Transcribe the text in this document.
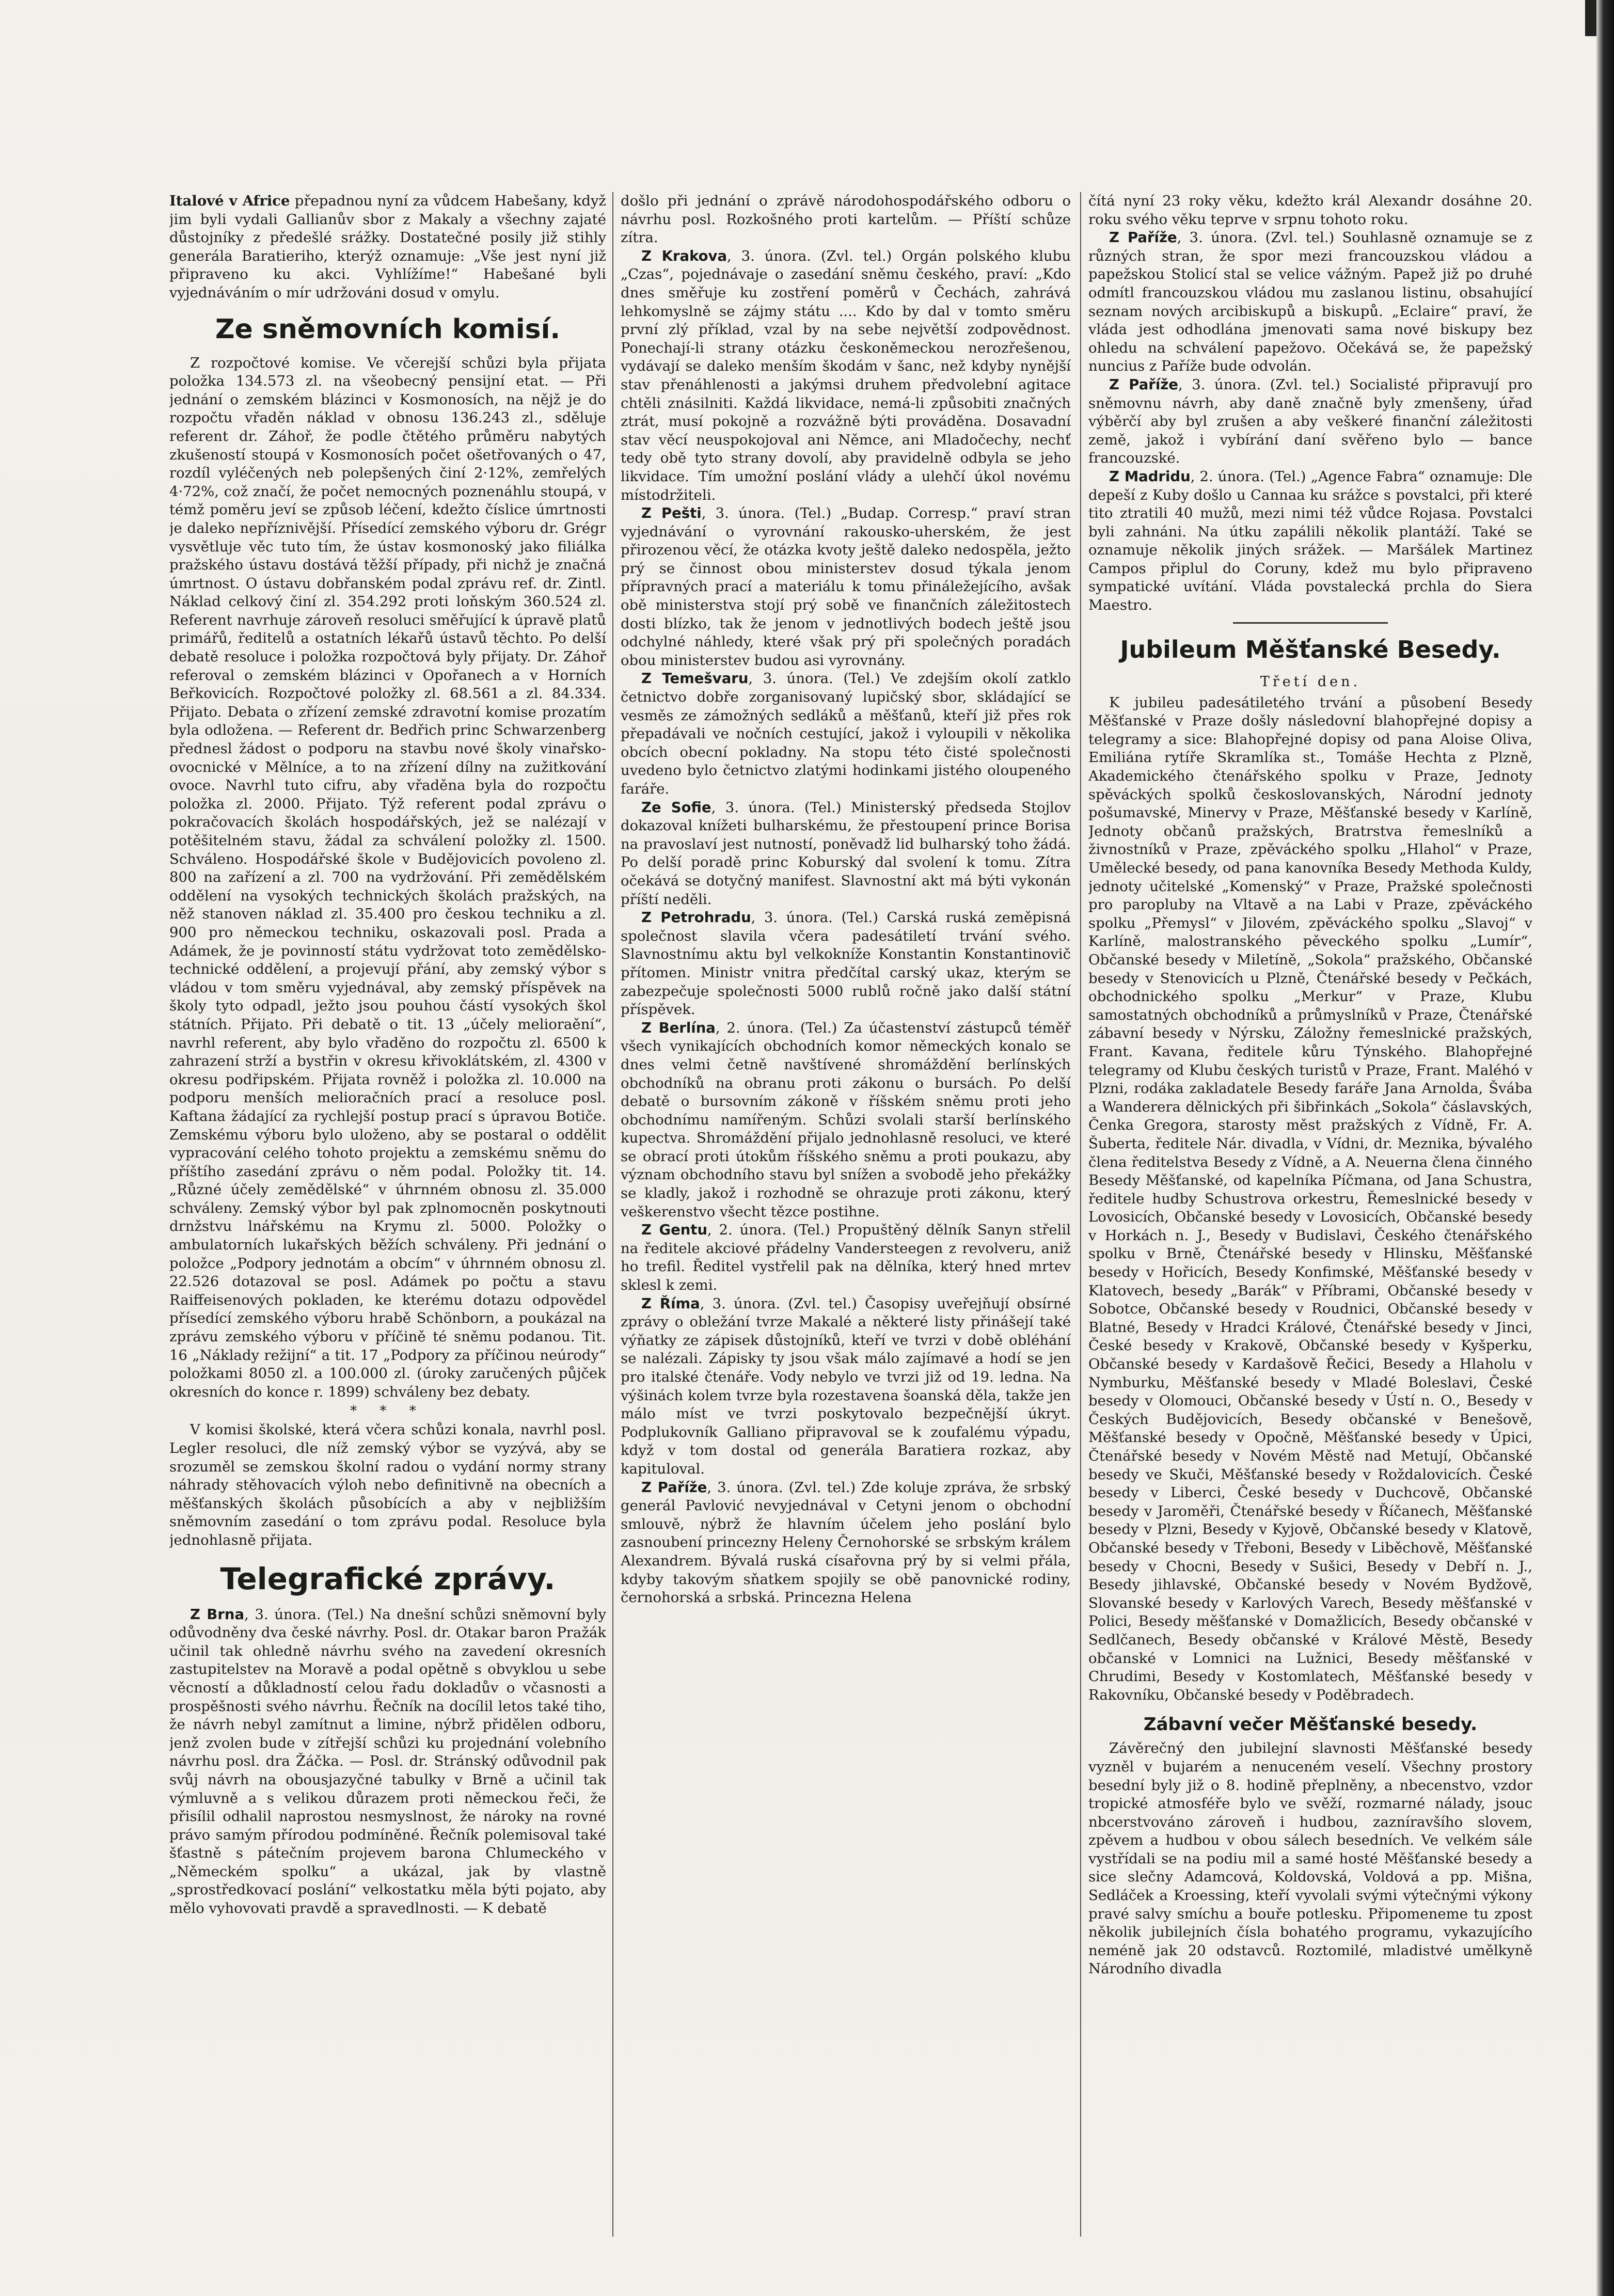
Italové v Africe přepadnou nyní za vůdcem Habešany, když jim byli vydali Gallianův sbor z Makaly a všechny zajaté důstojníky z předešlé srážky. Dostatečné posily již stihly generála Baratieriho, kterýž oznamuje: „Vše jest nyní již připraveno ku akci. Vyhlížíme!“ Habešané byli vyjednáváním o mír udržováni dosud v omylu.

Ze sněmovních komisí.

Z rozpočtové komise. Ve včerejší schůzi byla přijata položka 134.573 zl. na všeobecný pensijní etat. — Při jednání o zemském blázinci v Kosmonosích, na nějž je do rozpočtu vřaděn náklad v obnosu 136.243 zl., sděluje referent dr. Záhoř, že podle čtětého průměru nabytých zkušeností stoupá v Kosmonosích počet ošetřovaných o 47, rozdíl vyléčených neb polepšených činí 2·12%, zemřelých 4·72%, což značí, že počet nemocných poznenáhlu stoupá, v témž poměru jeví se způsob léčení, kdežto číslice úmrtnosti je daleko nepříznivější. Přísedící zemského výboru dr. Grégr vysvětluje věc tuto tím, že ústav kosmonoský jako filiálka pražského ústavu dostává těžší případy, při nichž je značná úmrtnost. O ústavu dobřanském podal zprávu ref. dr. Zintl. Náklad celkový činí zl. 354.292 proti loňským 360.524 zl. Referent navrhuje zároveň resoluci směřující k úpravě platů primářů, ředitelů a ostatních lékařů ústavů těchto. Po delší debatě resoluce i položka rozpočtová byly přijaty. Dr. Záhoř referoval o zemském blázinci v Opořanech a v Horních Beřkovicích. Rozpočtové položky zl. 68.561 a zl. 84.334. Přijato. Debata o zřízení zemské zdravotní komise prozatím byla odložena. — Referent dr. Bedřich princ Schwarzenberg přednesl žádost o podporu na stavbu nové školy vinařsko-ovocnické v Mělníce, a to na zřízení dílny na zužitkování ovoce. Navrhl tuto cifru, aby vřaděna byla do rozpočtu položka zl. 2000. Přijato. Týž referent podal zprávu o pokračovacích školách hospodářských, jež se nalézají v potěšitelném stavu, žádal za schválení položky zl. 1500. Schváleno. Hospodářské škole v Budějovicích povoleno zl. 800 na zařízení a zl. 700 na vydržování. Při zemědělském oddělení na vysokých technických školách pražských, na něž stanoven náklad zl. 35.400 pro českou techniku a zl. 900 pro německou techniku, oskazovali posl. Prada a Adámek, že je povinností státu vydržovat toto zemědělsko-technické oddělení, a projevují přání, aby zemský výbor s vládou v tom směru vyjednával, aby zemský příspěvek na školy tyto odpadl, ježto jsou pouhou částí vysokých škol státních. Přijato. Při debatě o tit. 13 „účely melioraění“, navrhl referent, aby bylo vřaděno do rozpočtu zl. 6500 k zahrazení strží a bystřin v okresu křivoklátském, zl. 4300 v okresu podřipském. Přijata rovněž i položka zl. 10.000 na podporu menších melioračních prací a resoluce posl. Kaftana žádající za rychlejší postup prací s úpravou Botiče. Zemskému výboru bylo uloženo, aby se postaral o oddělit vypracování celého tohoto projektu a zemskému sněmu do příštího zasedání zprávu o něm podal. Položky tit. 14. „Různé účely zemědělské“ v úhrnném obnosu zl. 35.000 schváleny. Zemský výbor byl pak zplnomocněn poskytnouti drnžstvu lnářskému na Krymu zl. 5000. Položky o ambulatorních lukařských běžích schváleny. Při jednání o položce „Podpory jednotám a obcím“ v úhrnném obnosu zl. 22.526 dotazoval se posl. Adámek po počtu a stavu Raiffeisenových pokladen, ke kterému dotazu odpovědel přísedící zemského výboru hrabě Schönborn, a poukázal na zprávu zemského výboru v příčině té sněmu podanou. Tit. 16 „Náklady režijní“ a tit. 17 „Podpory za příčinou neúrody“ položkami 8050 zl. a 100.000 zl. (úroky zaručených půjček okresních do konce r. 1899) schváleny bez debaty.

* * *

V komisi školské, která včera schůzi konala, navrhl posl. Legler resoluci, dle níž zemský výbor se vyzývá, aby se srozuměl se zemskou školní radou o vydání normy strany náhrady stěhovacích výloh nebo definitivně na obecních a měšťanských školách působících a aby v nejbližším sněmovním zasedání o tom zprávu podal. Resoluce byla jednohlasně přijata.

Telegrafické zprávy.

Z Brna, 3. února. (Tel.) Na dnešní schůzi sněmovní byly odůvodněny dva české návrhy. Posl. dr. Otakar baron Pražák učinil tak ohledně návrhu svého na zavedení okresních zastupitelstev na Moravě a podal opětně s obvyklou u sebe věcností a důkladností celou řadu dokladův o včasnosti a prospěšnosti svého návrhu. Řečník na docílil letos také tiho, že návrh nebyl zamítnut a limine, nýbrž přidělen odboru, jenž zvolen bude v zítřejší schůzi ku projednání volebního návrhu posl. dra Žáčka. — Posl. dr. Stránský odůvodnil pak svůj návrh na obousjazyčné tabulky v Brně a učinil tak výmluvně a s velikou důrazem proti německou řeči, že přisílil odhalil naprostou nesmyslnost, že nároky na rovné právo samým přírodou podmíněné. Řečník polemisoval také šťastně s pátečním projevem barona Chlumeckého v „Německém spolku“ a ukázal, jak by vlastně „sprostředkovací poslání“ velkostatku měla býti pojato, aby mělo vyhovovati pravdě a spravedlnosti. — K debatě

došlo při jednání o zprávě národohospodářského odboru o návrhu posl. Rozkošného proti kartelům. — Příští schůze zítra.

Z Krakova, 3. února. (Zvl. tel.) Orgán polského klubu „Czas“, pojednávaje o zasedání sněmu českého, praví: „Kdo dnes směřuje ku zostření poměrů v Čechách, zahrává lehkomyslně se zájmy státu .... Kdo by dal v tomto směru první zlý příklad, vzal by na sebe největší zodpovědnost. Ponechají-li strany otázku českoněmeckou nerozřešenou, vydávají se daleko menším škodám v šanc, než kdyby nynější stav přenáhlenosti a jakýmsi druhem předvolební agitace chtěli znásilniti. Každá likvidace, nemá-li způsobiti značných ztrát, musí pokojně a rozvážně býti prováděna. Dosavadní stav věcí neuspokojoval ani Němce, ani Mladočechy, nechť tedy obě tyto strany dovolí, aby pravidelně odbyla se jeho likvidace. Tím umožní poslání vlády a ulehčí úkol novému místodržiteli.

Z Pešti, 3. února. (Tel.) „Budap. Corresp.“ praví stran vyjednávání o vyrovnání rakousko-uherském, že jest přirozenou věcí, že otázka kvoty ještě daleko nedospěla, ježto prý se činnost obou ministerstev dosud týkala jenom přípravných prací a materiálu k tomu přináležejícího, avšak obě ministerstva stojí prý sobě ve finančních záležitostech dosti blízko, tak že jenom v jednotlivých bodech ještě jsou odchylné náhledy, které však prý při společných poradách obou ministerstev budou asi vyrovnány.

Z Temešvaru, 3. února. (Tel.) Ve zdejším okolí zatklo četnictvo dobře zorganisovaný lupičský sbor, skládající se vesměs ze zámožných sedláků a měšťanů, kteří již přes rok přepadávali ve nočních cestující, jakož i vyloupili v několika obcích obecní pokladny. Na stopu této čisté společnosti uvedeno bylo četnictvo zlatými hodinkami jistého oloupeného faráře.

Ze Sofie, 3. února. (Tel.) Ministerský předseda Stojlov dokazoval knížeti bulharskému, že přestoupení prince Borisa na pravoslaví jest nutností, poněvadž lid bulharský toho žádá. Po delší poradě princ Koburský dal svolení k tomu. Zítra očekává se dotyčný manifest. Slavnostní akt má býti vykonán příští neděli.

Z Petrohradu, 3. února. (Tel.) Carská ruská zeměpisná společnost slavila včera padesátiletí trvání svého. Slavnostnímu aktu byl velkokníže Konstantin Konstantinovič přítomen. Ministr vnitra předčítal carský ukaz, kterým se zabezpečuje společnosti 5000 rublů ročně jako další státní příspěvek.

Z Berlína, 2. února. (Tel.) Za účastenství zástupců téměř všech vynikajících obchodních komor německých konalo se dnes velmi četně navštívené shromáždění berlínských obchodníků na obranu proti zákonu o bursách. Po delší debatě o bursovním zákoně v říšském sněmu proti jeho obchodnímu namířeným. Schůzi svolali starší berlínského kupectva. Shromáždění přijalo jednohlasně resoluci, ve které se obrací proti útokům říšského sněmu a proti poukazu, aby význam obchodního stavu byl snížen a svobodě jeho překážky se kladly, jakož i rozhodně se ohrazuje proti zákonu, který veškerenstvo všecht tězce postihne.

Z Gentu, 2. února. (Tel.) Propuštěný dělník Sanyn střelil na ředitele akciové přádelny Vandersteegen z revolveru, aniž ho trefil. Ředitel vystřelil pak na dělníka, který hned mrtev sklesl k zemi.

Z Říma, 3. února. (Zvl. tel.) Časopisy uveřejňují obsírné zprávy o obležání tvrze Makalé a některé listy přinášejí také výňatky ze zápisek důstojníků, kteří ve tvrzi v době obléhání se nalézali. Zápisky ty jsou však málo zajímavé a hodí se jen pro italské čtenáře. Vody nebylo ve tvrzi již od 19. ledna. Na výšinách kolem tvrze byla rozestavena šoanská děla, takže jen málo míst ve tvrzi poskytovalo bezpečnější úkryt. Podplukovník Galliano připravoval se k zoufalému výpadu, když v tom dostal od generála Baratiera rozkaz, aby kapituloval.

Z Paříže, 3. února. (Zvl. tel.) Zde koluje zpráva, že srbský generál Pavlović nevyjednával v Cetyni jenom o obchodní smlouvě, nýbrž že hlavním účelem jeho poslání bylo zasnoubení princezny Heleny Černohorské se srbským králem Alexandrem. Bývalá ruská císařovna prý by si velmi přála, kdyby takovým sňatkem spojily se obě panovnické rodiny, černohorská a srbská. Princezna Helena

čítá nyní 23 roky věku, kdežto král Alexandr dosáhne 20. roku svého věku teprve v srpnu tohoto roku.

Z Paříže, 3. února. (Zvl. tel.) Souhlasně oznamuje se z různých stran, že spor mezi francouzskou vládou a papežskou Stolicí stal se velice vážným. Papež již po druhé odmítl francouzskou vládou mu zaslanou listinu, obsahující seznam nových arcibiskupů a biskupů. „Eclaire“ praví, že vláda jest odhodlána jmenovati sama nové biskupy bez ohledu na schválení papežovo. Očekává se, že papežský nuncius z Paříže bude odvolán.

Z Paříže, 3. února. (Zvl. tel.) Socialisté připravují pro sněmovnu návrh, aby daně značně byly zmenšeny, úřad výběrčí aby byl zrušen a aby veškeré finanční záležitosti země, jakož i vybírání daní svěřeno bylo — bance francouzské.

Z Madridu, 2. února. (Tel.) „Agence Fabra“ oznamuje: Dle depeší z Kuby došlo u Cannaa ku srážce s povstalci, při které tito ztratili 40 mužů, mezi nimi též vůdce Rojasa. Povstalci byli zahnáni. Na útku zapálili několik plantáží. Také se oznamuje několik jiných srážek. — Maršálek Martinez Campos připlul do Coruny, kdež mu bylo připraveno sympatické uvítání. Vláda povstalecká prchla do Siera Maestro.

Jubileum Měšťanské Besedy.
Třetí den.

K jubileu padesátiletého trvání a působení Besedy Měšťanské v Praze došly následovní blahopřejné dopisy a telegramy a sice: Blahopřejné dopisy od pana Aloise Oliva, Emiliána rytíře Skramlíka st., Tomáše Hechta z Plzně, Akademického čtenářského spolku v Praze, Jednoty spěváckých spolků českoslovanských, Národní jednoty pošumavské, Minervy v Praze, Měšťanské besedy v Karlíně, Jednoty občanů pražských, Bratrstva řemeslníků a živnostníků v Praze, zpěváckého spolku „Hlahol“ v Praze, Umělecké besedy, od pana kanovníka Besedy Methoda Kuldy, jednoty učitelské „Komenský“ v Praze, Pražské společnosti pro paropluby na Vltavě a na Labi v Praze, zpěváckého spolku „Přemysl“ v Jilovém, zpěváckého spolku „Slavoj“ v Karlíně, malostranského pěveckého spolku „Lumír“, Občanské besedy v Miletíně, „Sokola“ pražského, Občanské besedy v Stenovicích u Plzně, Čtenářské besedy v Pečkách, obchodnického spolku „Merkur“ v Praze, Klubu samostatných obchodníků a průmyslníků v Praze, Čtenářské zábavní besedy v Nýrsku, Záložny řemeslnické pražských, Frant. Kavana, ředitele kůru Týnského. Blahopřejné telegramy od Klubu českých turistů v Praze, Frant. Maléhó v Plzni, rodáka zakladatele Besedy faráře Jana Arnolda, Švába a Wanderera dělnických při šibřinkách „Sokola“ čáslavských, Čenka Gregora, starosty měst pražských z Vídně, Fr. A. Šuberta, ředitele Nár. divadla, v Vídni, dr. Meznika, bývalého člena ředitelstva Besedy z Vídně, a A. Neuerna člena činného Besedy Měšťanské, od kapelníka Píčmana, od Jana Schustra, ředitele hudby Schustrova orkestru, Řemeslnické besedy v Lovosicích, Občanské besedy v Lovosicích, Občanské besedy v Horkách n. J., Besedy v Budislavi, Českého čtenářského spolku v Brně, Čtenářské besedy v Hlinsku, Měšťanské besedy v Hořicích, Besedy Konfimské, Měšťanské besedy v Klatovech, besedy „Barák“ v Příbrami, Občanské besedy v Sobotce, Občanské besedy v Roudnici, Občanské besedy v Blatné, Besedy v Hradci Králové, Čtenářské besedy v Jinci, České besedy v Krakově, Občanské besedy v Kyšperku, Občanské besedy v Kardašově Řečici, Besedy a Hlaholu v Nymburku, Měšťanské besedy v Mladé Boleslavi, České besedy v Olomouci, Občanské besedy v Ústí n. O., Besedy v Českých Budějovicích, Besedy občanské v Benešově, Měšťanské besedy v Opočně, Měšťanské besedy v Úpici, Čtenářské besedy v Novém Městě nad Metují, Občanské besedy ve Skuči, Měšťanské besedy v Roždalovicích. České besedy v Liberci, České besedy v Duchcově, Občanské besedy v Jaroměři, Čtenářské besedy v Říčanech, Měšťanské besedy v Plzni, Besedy v Kyjově, Občanské besedy v Klatově, Občanské besedy v Třeboni, Besedy v Liběchově, Měšťanské besedy v Chocni, Besedy v Sušici, Besedy v Debří n. J., Besedy jihlavské, Občanské besedy v Novém Bydžově, Slovanské besedy v Karlových Varech, Besedy měšťanské v Polici, Besedy měšťanské v Domažlicích, Besedy občanské v Sedlčanech, Besedy občanské v Králové Městě, Besedy občanské v Lomnici na Lužnici, Besedy měšťanské v Chrudimi, Besedy v Kostomlatech, Měšťanské besedy v Rakovníku, Občanské besedy v Poděbradech.

Zábavní večer Měšťanské besedy.

Závěrečný den jubilejní slavnosti Měšťanské besedy vyzněl v bujarém a nenuceném veselí. Všechny prostory besední byly již o 8. hodině přeplněny, a nbecenstvo, vzdor tropické atmosféře bylo ve svěží, rozmarné nálady, jsouc nbcerstvováno zároveň i hudbou, zazníravšího slovem, zpěvem a hudbou v obou sálech besedních. Ve velkém sále vystřídali se na podiu mil a samé hosté Měšťanské besedy a sice slečny Adamcová, Koldovská, Voldová a pp. Mišna, Sedláček a Kroessing, kteří vyvolali svými výtečnými výkony pravé salvy smíchu a bouře potlesku. Připomeneme tu zpost několik jubilejních čísla bohatého programu, vykazujícího neméně jak 20 odstavců. Roztomilé, mladistvé umělkyně Národního divadla
